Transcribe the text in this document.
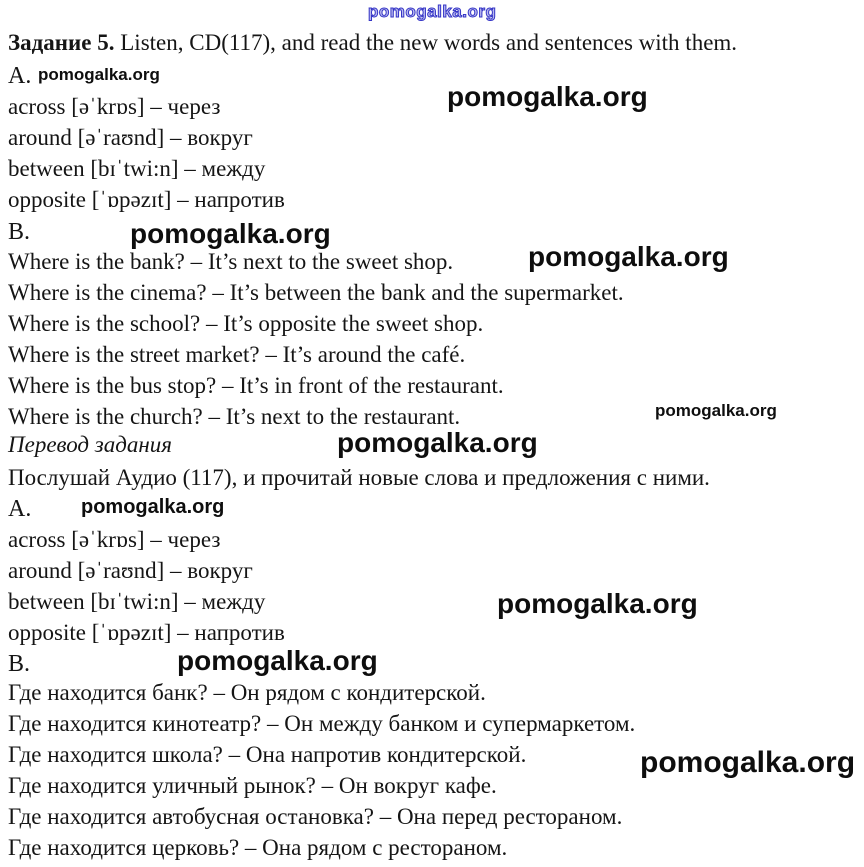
pomogalka.org
pomogalka.org
pomogalka.org
pomogalka.org
pomogalka.org
pomogalka.org
pomogalka.org
pomogalka.org
pomogalka.org
pomogalka.org
pomogalka.org
Задание 5. Listen, CD(117), and read the new words and sentences with them.
A.
across [əˈkrɒs] – через
around [əˈraʊnd] – вокруг
between [bɪˈtwi:n] – между
opposite [ˈɒpəzɪt] – напротив
B.
Where is the bank? – It’s next to the sweet shop.
Where is the cinema? – It’s between the bank and the supermarket.
Where is the school? – It’s opposite the sweet shop.
Where is the street market? – It’s around the café.
Where is the bus stop? – It’s in front of the restaurant.
Where is the church? – It’s next to the restaurant.
Перевод задания
Послушай Аудио (117), и прочитай новые слова и предложения с ними.
A.
across [əˈkrɒs] – через
around [əˈraʊnd] – вокруг
between [bɪˈtwi:n] – между
opposite [ˈɒpəzɪt] – напротив
B.
Где находится банк? – Он рядом с кондитерской.
Где находится кинотеатр? – Он между банком и супермаркетом.
Где находится школа? – Она напротив кондитерской.
Где находится уличный рынок? – Он вокруг кафе.
Где находится автобусная остановка? – Она перед рестораном.
Где находится церковь? – Она рядом с рестораном.
